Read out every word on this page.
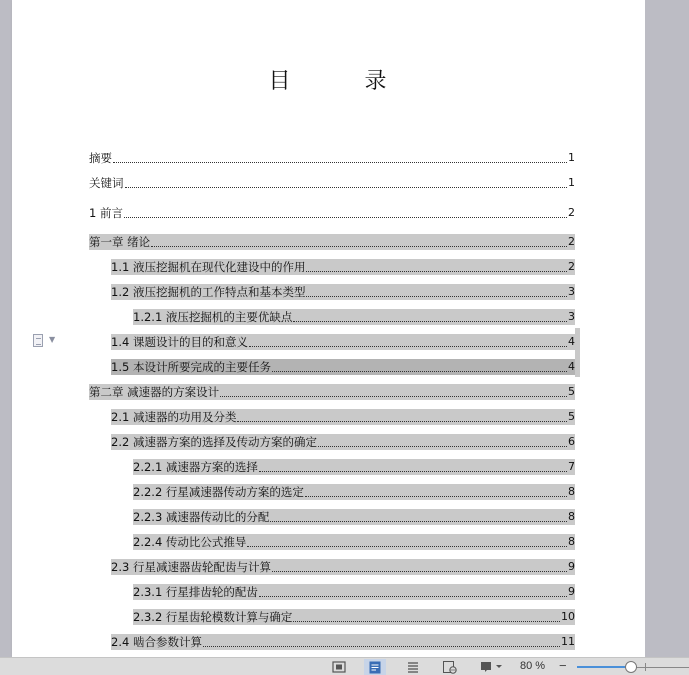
目　录
摘要	1
关键词	1
1 前言	2
第一章 绪论	2
1.1 液压挖掘机在现代化建设中的作用	2
1.2 液压挖掘机的工作特点和基本类型	3
1.2.1 液压挖掘机的主要优缺点	3
1.4 课题设计的目的和意义	4
1.5 本设计所要完成的主要任务	4
第二章 减速器的方案设计	5
2.1 减速器的功用及分类	5
2.2 减速器方案的选择及传动方案的确定	6
2.2.1 减速器方案的选择	7
2.2.2 行星减速器传动方案的选定	8
2.2.3 减速器传动比的分配	8
2.2.4 传动比公式推导	8
2.3 行星减速器齿轮配齿与计算	9
2.3.1 行星排齿轮的配齿	9
2.3.2 行星齿轮模数计算与确定	10
2.4 啮合参数计算	11
▼
80 % −
